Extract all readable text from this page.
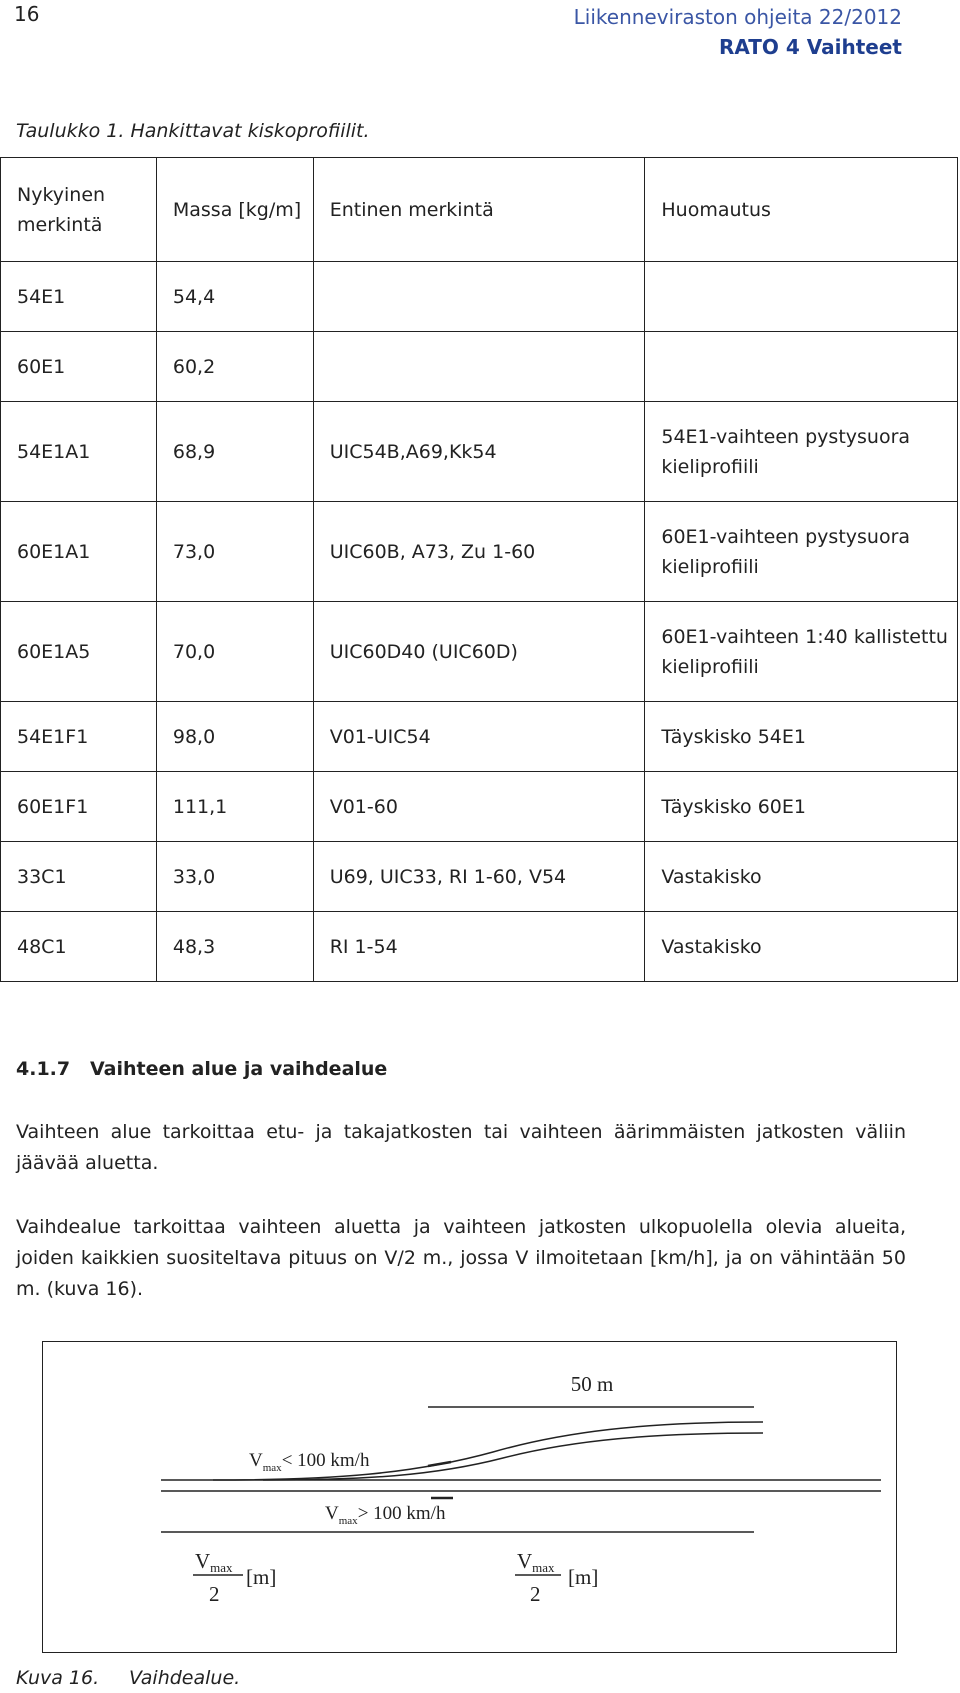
16	Liikenneviraston ohjeita 22/2012
RATO 4 Vaihteet
Taulukko 1. Hankittavat kiskoprofiilit.
Nykyinen merkintä	Massa [kg/m]	Entinen merkintä	Huomautus
54E1	54,4		
60E1	60,2		
54E1A1	68,9	UIC54B,A69,Kk54	54E1-vaihteen pystysuora kieliprofiili
60E1A1	73,0	UIC60B, A73, Zu 1-60	60E1-vaihteen pystysuora kieliprofiili
60E1A5	70,0	UIC60D40 (UIC60D)	60E1-vaihteen 1:40 kallistettu kieliprofiili
54E1F1	98,0	V01-UIC54	Täyskisko 54E1
60E1F1	111,1	V01-60	Täyskisko 60E1
33C1	33,0	U69, UIC33, RI 1-60, V54	Vastakisko
48C1	48,3	RI 1-54	Vastakisko
4.1.7 Vaihteen alue ja vaihdealue

Vaihteen alue tarkoittaa etu- ja takajatkosten tai vaihteen äärimmäisten jatkosten väliin jäävää aluetta.

Vaihdealue tarkoittaa vaihteen aluetta ja vaihteen jatkosten ulkopuolella olevia alueita, joiden kaikkien suositeltava pituus on V/2 m., jossa V ilmoitetaan [km/h], ja on vähintään 50 m. (kuva 16).

50 m
$V_{max}< 100$ km/h
$V_{max}> 100$ km/h
Vmax
2
[m]
Vmax
2
[m]
Kuva 16. Vaihdealue.
